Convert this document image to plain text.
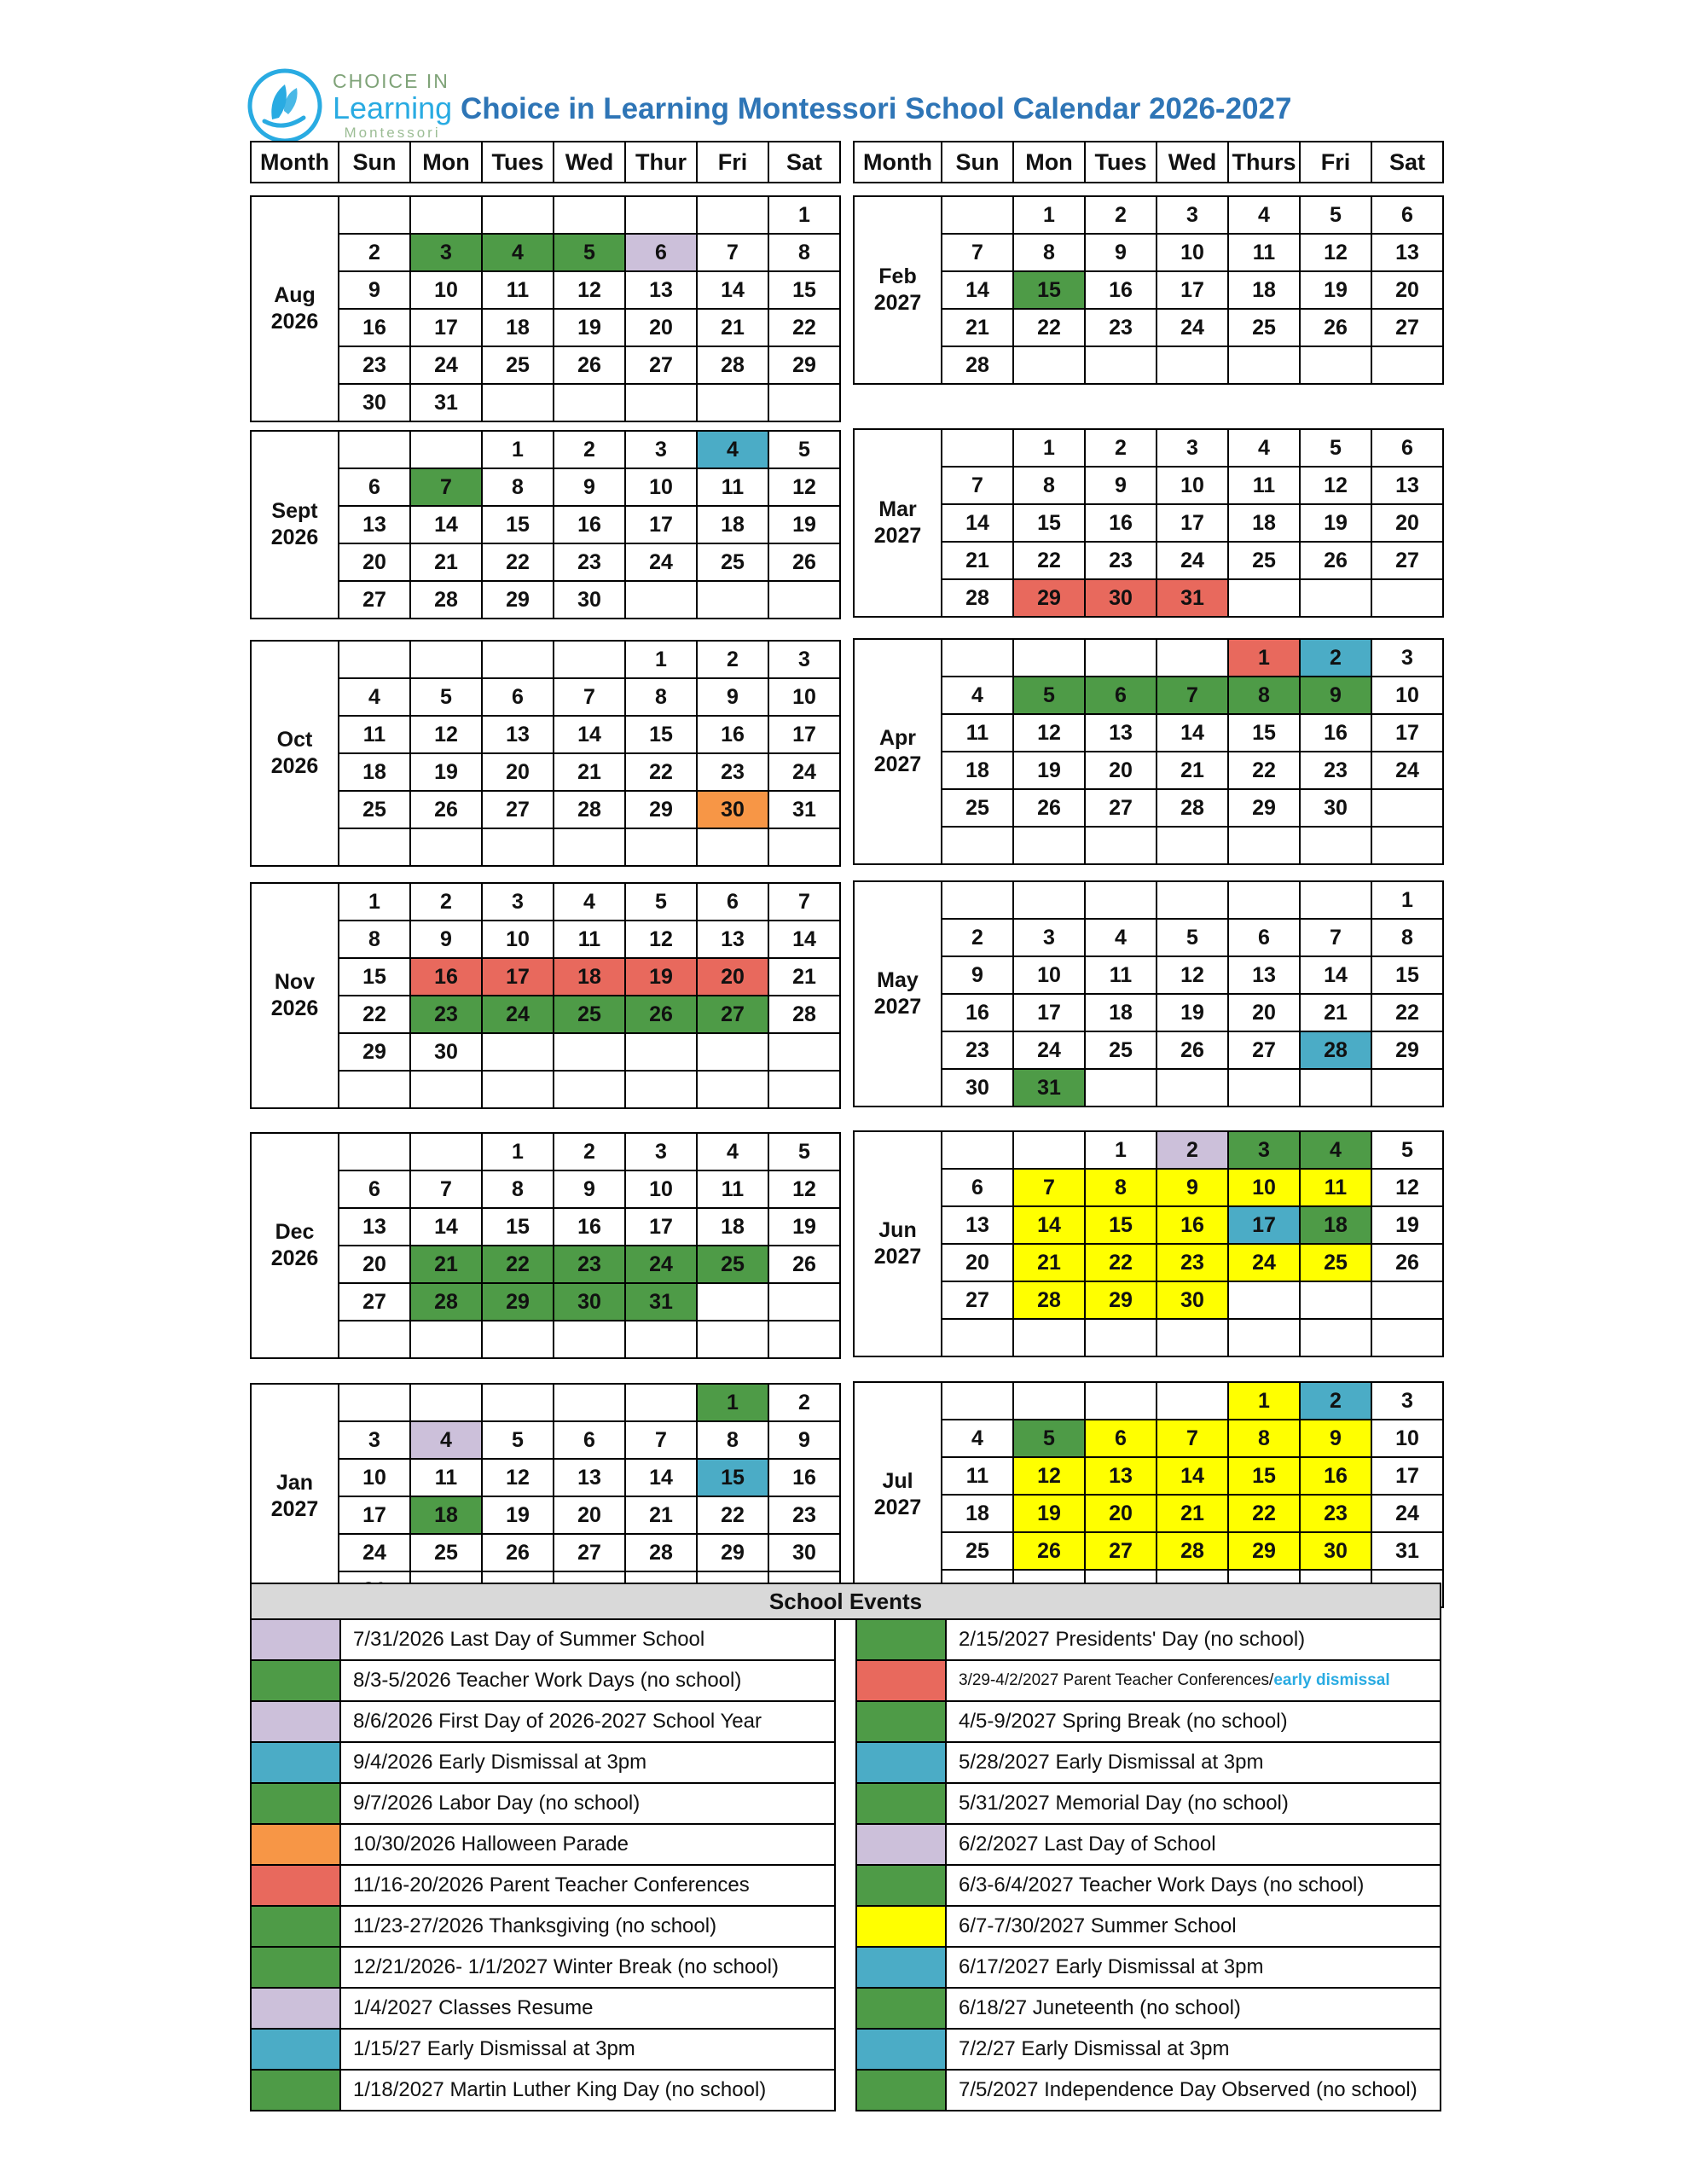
CHOICE IN
Learning
Montessori
Choice in Learning Montessori School Calendar 2026-2027
Month	Sun	Mon	Tues	Wed	Thur	Fri	Sat
Aug
2026							1
	2	3	4	5	6	7	8
	9	10	11	12	13	14	15
	16	17	18	19	20	21	22
	23	24	25	26	27	28	29
	30	31					
Sept
2026			1	2	3	4	5
	6	7	8	9	10	11	12
	13	14	15	16	17	18	19
	20	21	22	23	24	25	26
	27	28	29	30			
Oct
2026					1	2	3
	4	5	6	7	8	9	10
	11	12	13	14	15	16	17
	18	19	20	21	22	23	24
	25	26	27	28	29	30	31

Nov
2026	1	2	3	4	5	6	7
	8	9	10	11	12	13	14
	15	16	17	18	19	20	21
	22	23	24	25	26	27	28
	29	30					

Dec
2026			1	2	3	4	5
	6	7	8	9	10	11	12
	13	14	15	16	17	18	19
	20	21	22	23	24	25	26
	27	28	29	30	31		

Jan
2027						1	2
	3	4	5	6	7	8	9
	10	11	12	13	14	15	16
	17	18	19	20	21	22	23
	24	25	26	27	28	29	30

Month	Sun	Mon	Tues	Wed	Thurs	Fri	Sat
Feb
2027		1	2	3	4	5	6
	7	8	9	10	11	12	13
	14	15	16	17	18	19	20
	21	22	23	24	25	26	27
	28						
Mar
2027		1	2	3	4	5	6
	7	8	9	10	11	12	13
	14	15	16	17	18	19	20
	21	22	23	24	25	26	27
	28	29	30	31			
Apr
2027					1	2	3
	4	5	6	7	8	9	10
	11	12	13	14	15	16	17
	18	19	20	21	22	23	24
	25	26	27	28	29	30	

May
2027							1
	2	3	4	5	6	7	8
	9	10	11	12	13	14	15
	16	17	18	19	20	21	22
	23	24	25	26	27	28	29
	30	31					
Jun
2027			1	2	3	4	5
	6	7	8	9	10	11	12
	13	14	15	16	17	18	19
	20	21	22	23	24	25	26
	27	28	29	30			

Jul
2027					1	2	3
	4	5	6	7	8	9	10
	11	12	13	14	15	16	17
	18	19	20	21	22	23	24
	25	26	27	28	29	30	31

School Events
	7/31/2026 Last Day of Summer School
	8/3-5/2026 Teacher Work Days (no school)
	8/6/2026 First Day of 2026-2027 School Year
	9/4/2026 Early Dismissal at 3pm
	9/7/2026 Labor Day (no school)
	10/30/2026 Halloween Parade
	11/16-20/2026 Parent Teacher Conferences
	11/23-27/2026 Thanksgiving (no school)
	12/21/2026- 1/1/2027 Winter Break (no school)
	1/4/2027 Classes Resume
	1/15/27 Early Dismissal at 3pm
	1/18/2027 Martin Luther King Day (no school)
	2/15/2027 Presidents' Day (no school)
	3/29-4/2/2027 Parent Teacher Conferences/early dismissal
	4/5-9/2027 Spring Break (no school)
	5/28/2027 Early Dismissal at 3pm
	5/31/2027 Memorial Day (no school)
	6/2/2027 Last Day of School
	6/3-6/4/2027 Teacher Work Days (no school)
	6/7-7/30/2027 Summer School
	6/17/2027 Early Dismissal at 3pm
	6/18/27 Juneteenth (no school)
	7/2/27 Early Dismissal at 3pm
	7/5/2027 Independence Day Observed (no school)
